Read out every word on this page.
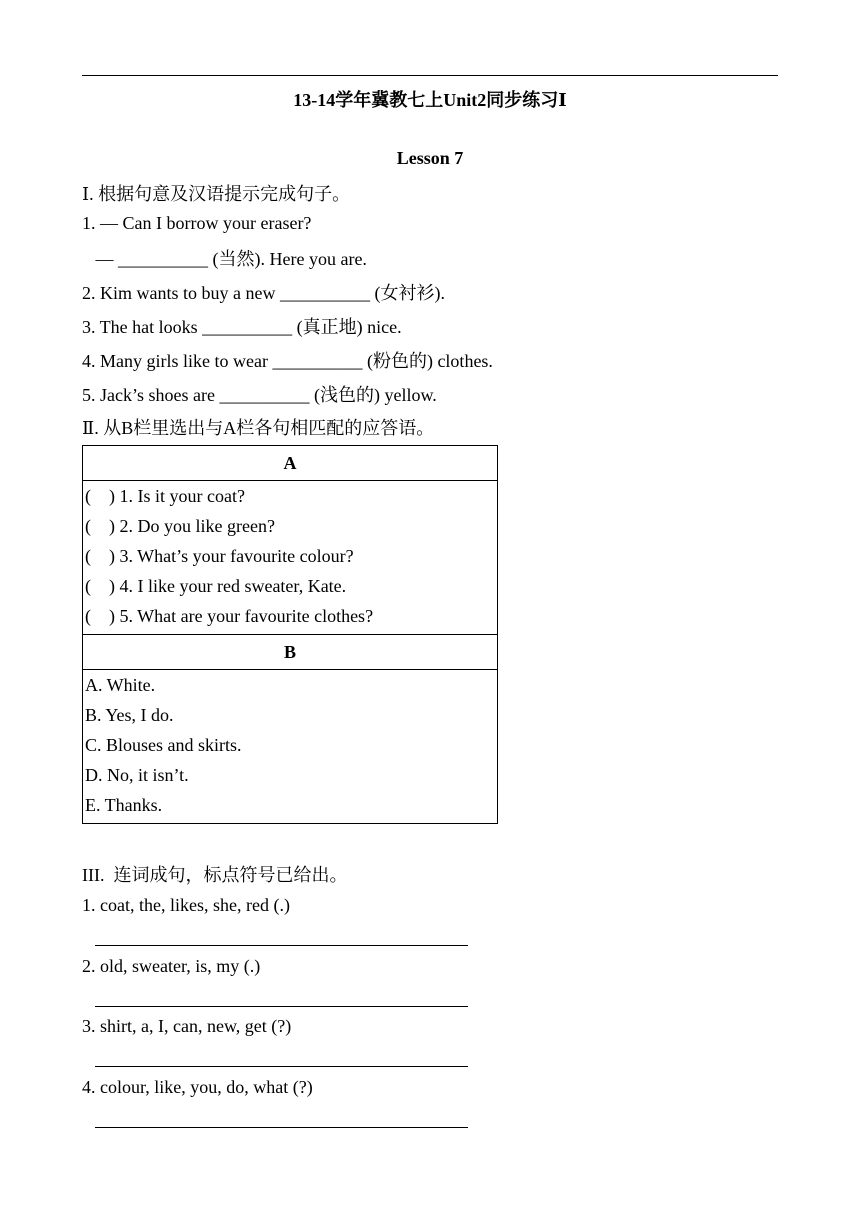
13-14学年冀教七上Unit2同步练习Ⅰ
Lesson 7
Ⅰ. 根据句意及汉语提示完成句子。
1. — Can I borrow your eraser?
— __________ (当然). Here you are.
2. Kim wants to buy a new __________ (女衬衫).
3. The hat looks __________ (真正地) nice.
4. Many girls like to wear __________ (粉色的) clothes.
5. Jack’s shoes are __________ (浅色的) yellow.
Ⅱ. 从B栏里选出与A栏各句相匹配的应答语。
A

(    ) 1. Is it your coat?
(    ) 2. Do you like green?
(    ) 3. What’s your favourite colour?
(    ) 4. I like your red sweater, Kate.
(    ) 5. What are your favourite clothes?

B

A. White.
B. Yes, I do.
C. Blouses and skirts.
D. No, it isn’t.
E. Thanks.
III.  连词成句，标点符号已给出。
1. coat, the, likes, she, red (.)
2. old, sweater, is, my (.)
3. shirt, a, I, can, new, get (?)
4. colour, like, you, do, what (?)
